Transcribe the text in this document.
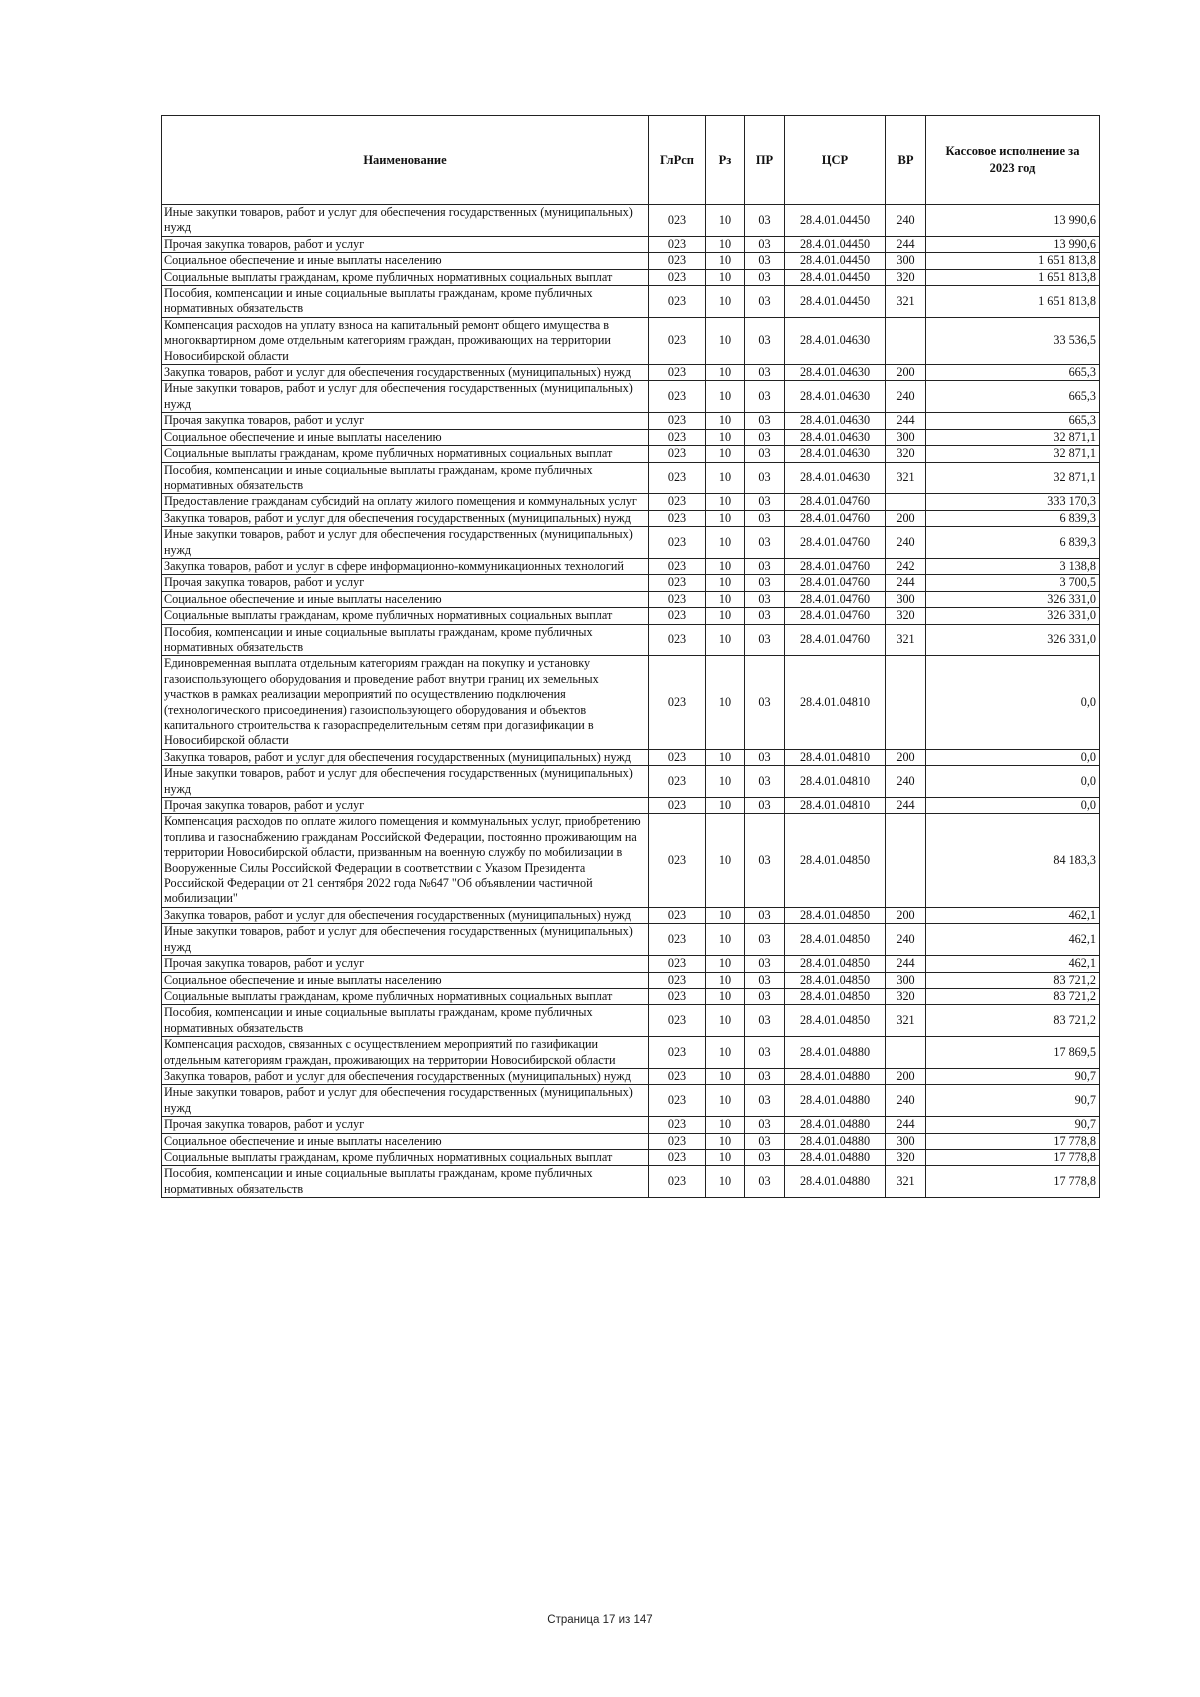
Наименование	ГлРсп	Рз	ПР	ЦСР	ВР	Кассовое исполнение за 2023 год
Иные закупки товаров, работ и услуг для обеспечения государственных (муниципальных) нужд	023	10	03	28.4.01.04450	240	13 990,6
Прочая закупка товаров, работ и услуг	023	10	03	28.4.01.04450	244	13 990,6
Социальное обеспечение и иные выплаты населению	023	10	03	28.4.01.04450	300	1 651 813,8
Социальные выплаты гражданам, кроме публичных нормативных социальных выплат	023	10	03	28.4.01.04450	320	1 651 813,8
Пособия, компенсации и иные социальные выплаты гражданам, кроме публичных нормативных обязательств	023	10	03	28.4.01.04450	321	1 651 813,8
Компенсация расходов на уплату взноса на капитальный ремонт общего имущества в многоквартирном доме отдельным категориям граждан, проживающих на территории Новосибирской области	023	10	03	28.4.01.04630		33 536,5
Закупка товаров, работ и услуг для обеспечения государственных (муниципальных) нужд	023	10	03	28.4.01.04630	200	665,3
Иные закупки товаров, работ и услуг для обеспечения государственных (муниципальных) нужд	023	10	03	28.4.01.04630	240	665,3
Прочая закупка товаров, работ и услуг	023	10	03	28.4.01.04630	244	665,3
Социальное обеспечение и иные выплаты населению	023	10	03	28.4.01.04630	300	32 871,1
Социальные выплаты гражданам, кроме публичных нормативных социальных выплат	023	10	03	28.4.01.04630	320	32 871,1
Пособия, компенсации и иные социальные выплаты гражданам, кроме публичных нормативных обязательств	023	10	03	28.4.01.04630	321	32 871,1
Предоставление гражданам субсидий на оплату жилого помещения и коммунальных услуг	023	10	03	28.4.01.04760		333 170,3
Закупка товаров, работ и услуг для обеспечения государственных (муниципальных) нужд	023	10	03	28.4.01.04760	200	6 839,3
Иные закупки товаров, работ и услуг для обеспечения государственных (муниципальных) нужд	023	10	03	28.4.01.04760	240	6 839,3
Закупка товаров, работ и услуг в сфере информационно-коммуникационных технологий	023	10	03	28.4.01.04760	242	3 138,8
Прочая закупка товаров, работ и услуг	023	10	03	28.4.01.04760	244	3 700,5
Социальное обеспечение и иные выплаты населению	023	10	03	28.4.01.04760	300	326 331,0
Социальные выплаты гражданам, кроме публичных нормативных социальных выплат	023	10	03	28.4.01.04760	320	326 331,0
Пособия, компенсации и иные социальные выплаты гражданам, кроме публичных нормативных обязательств	023	10	03	28.4.01.04760	321	326 331,0
Единовременная выплата отдельным категориям граждан на покупку и установку газоиспользующего оборудования и проведение работ внутри границ их земельных участков в рамках реализации мероприятий по осуществлению подключения (технологического присоединения) газоиспользующего оборудования и объектов капитального строительства к газораспределительным сетям при догазификации в Новосибирской области	023	10	03	28.4.01.04810		0,0
Закупка товаров, работ и услуг для обеспечения государственных (муниципальных) нужд	023	10	03	28.4.01.04810	200	0,0
Иные закупки товаров, работ и услуг для обеспечения государственных (муниципальных) нужд	023	10	03	28.4.01.04810	240	0,0
Прочая закупка товаров, работ и услуг	023	10	03	28.4.01.04810	244	0,0
Компенсация расходов по оплате жилого помещения и коммунальных услуг, приобретению топлива и газоснабжению гражданам Российской Федерации, постоянно проживающим на территории Новосибирской области, призванным на военную службу по мобилизации в Вооруженные Силы Российской Федерации в соответствии с Указом Президента Российской Федерации от 21 сентября 2022 года №647 "Об объявлении частичной мобилизации"	023	10	03	28.4.01.04850		84 183,3
Закупка товаров, работ и услуг для обеспечения государственных (муниципальных) нужд	023	10	03	28.4.01.04850	200	462,1
Иные закупки товаров, работ и услуг для обеспечения государственных (муниципальных) нужд	023	10	03	28.4.01.04850	240	462,1
Прочая закупка товаров, работ и услуг	023	10	03	28.4.01.04850	244	462,1
Социальное обеспечение и иные выплаты населению	023	10	03	28.4.01.04850	300	83 721,2
Социальные выплаты гражданам, кроме публичных нормативных социальных выплат	023	10	03	28.4.01.04850	320	83 721,2
Пособия, компенсации и иные социальные выплаты гражданам, кроме публичных нормативных обязательств	023	10	03	28.4.01.04850	321	83 721,2
Компенсация расходов, связанных с осуществлением мероприятий по газификации отдельным категориям граждан, проживающих на территории Новосибирской области	023	10	03	28.4.01.04880		17 869,5
Закупка товаров, работ и услуг для обеспечения государственных (муниципальных) нужд	023	10	03	28.4.01.04880	200	90,7
Иные закупки товаров, работ и услуг для обеспечения государственных (муниципальных) нужд	023	10	03	28.4.01.04880	240	90,7
Прочая закупка товаров, работ и услуг	023	10	03	28.4.01.04880	244	90,7
Социальное обеспечение и иные выплаты населению	023	10	03	28.4.01.04880	300	17 778,8
Социальные выплаты гражданам, кроме публичных нормативных социальных выплат	023	10	03	28.4.01.04880	320	17 778,8
Пособия, компенсации и иные социальные выплаты гражданам, кроме публичных нормативных обязательств	023	10	03	28.4.01.04880	321	17 778,8
Страница 17 из 147
